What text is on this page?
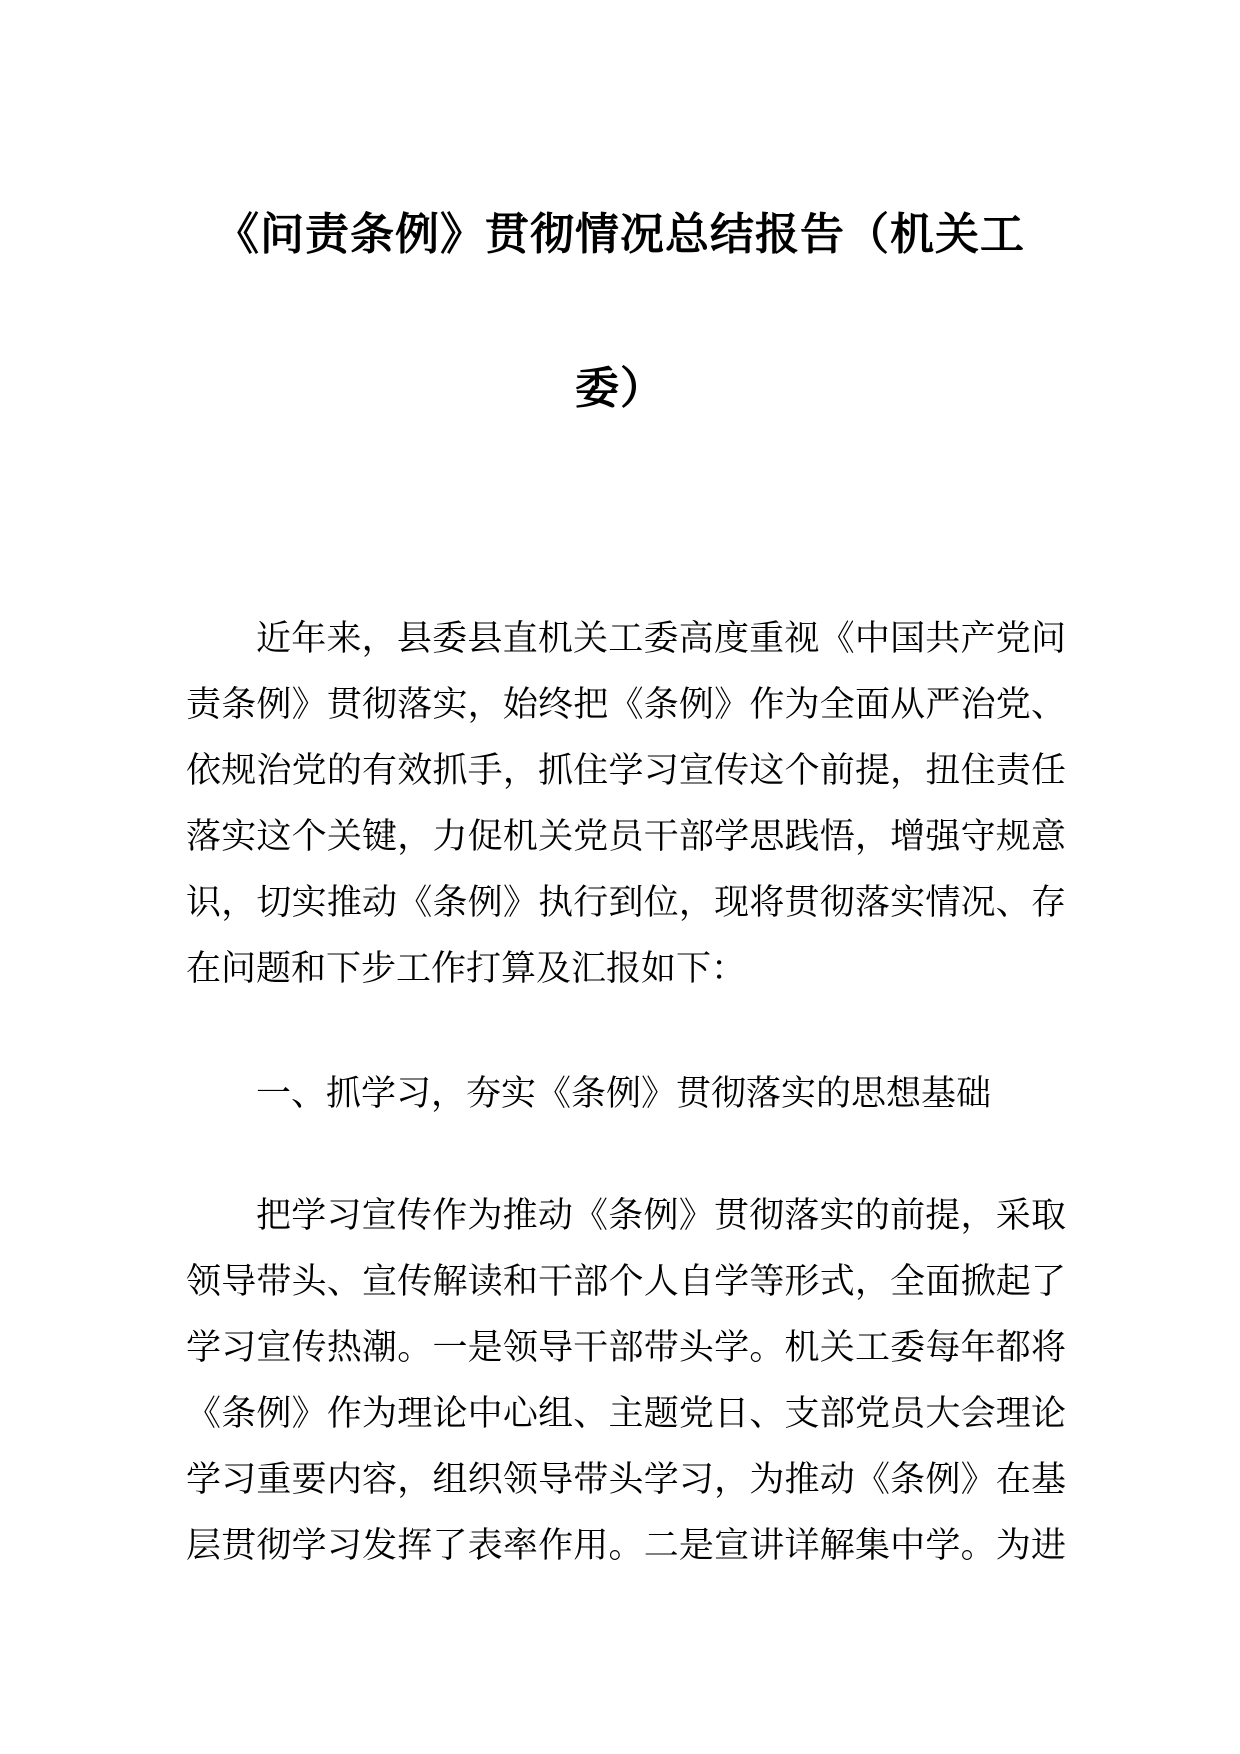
《问责条例》贯彻情况总结报告（机关工
委）
近年来，县委县直机关工委高度重视《中国共产党问
责条例》贯彻落实，始终把《条例》作为全面从严治党、
依规治党的有效抓手，抓住学习宣传这个前提，扭住责任
落实这个关键，力促机关党员干部学思践悟，增强守规意
识，切实推动《条例》执行到位，现将贯彻落实情况、存
在问题和下步工作打算及汇报如下：
一、抓学习，夯实《条例》贯彻落实的思想基础
把学习宣传作为推动《条例》贯彻落实的前提，采取
领导带头、宣传解读和干部个人自学等形式，全面掀起了
学习宣传热潮。一是领导干部带头学。机关工委每年都将
《条例》作为理论中心组、主题党日、支部党员大会理论
学习重要内容，组织领导带头学习，为推动《条例》在基
层贯彻学习发挥了表率作用。二是宣讲详解集中学。为进
